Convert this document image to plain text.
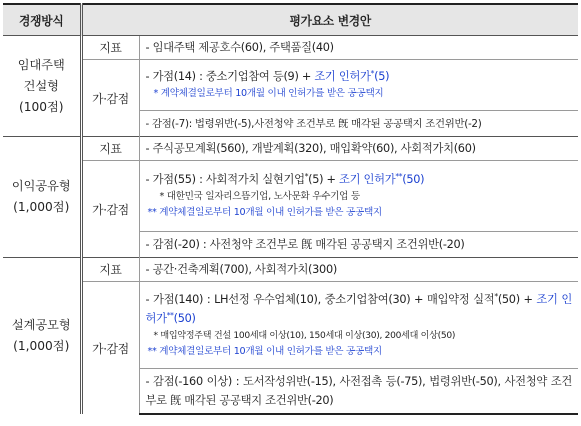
경쟁방식	평가요소 변경안	

임대주택
건설형
(100점)	지표	- 임대주택 제공호수(60), 주택품질(40)

	가·감점	- 가점(14) : 중소기업참여 등(9) + 조기 인허가*(5)
* 계약체결일로부터 10개월 이내 인허가를 받은 공공택지

		- 감점(-7): 법령위반(-5),사전청약 조건부로 旣 매각된 공공택지 조건위반(-2)

이익공유형
(1,000점)	지표	- 주식공모계획(560), 개발계획(320), 매입확약(60), 사회적가치(60)

	가·감점	- 가점(55) : 사회적가치 실현기업*(5) + 조기 인허가**(50)
* 대한민국 일자리으뜸기업, 노사문화 우수기업 등
** 계약체결일로부터 10개월 이내 인허가를 받은 공공택지

		- 감점(-20) : 사전청약 조건부로 旣 매각된 공공택지 조건위반(-20)

설계공모형
(1,000점)	지표	- 공간·건축계획(700), 사회적가치(300)

	가·감점	- 가점(140) : LH선정 우수업체(10), 중소기업참여(30) + 매입약정 실적*(50) + 조기 인허가**(50)
* 매입약정주택 건설 100세대 이상(10), 150세대 이상(30), 200세대 이상(50)
** 계약체결일로부터 10개월 이내 인허가를 받은 공공택지

		- 감점(-160 이상) : 도서작성위반(-15), 사전접촉 등(-75), 법령위반(-50), 사전청약 조건부로 旣 매각된 공공택지 조건위반(-20)
